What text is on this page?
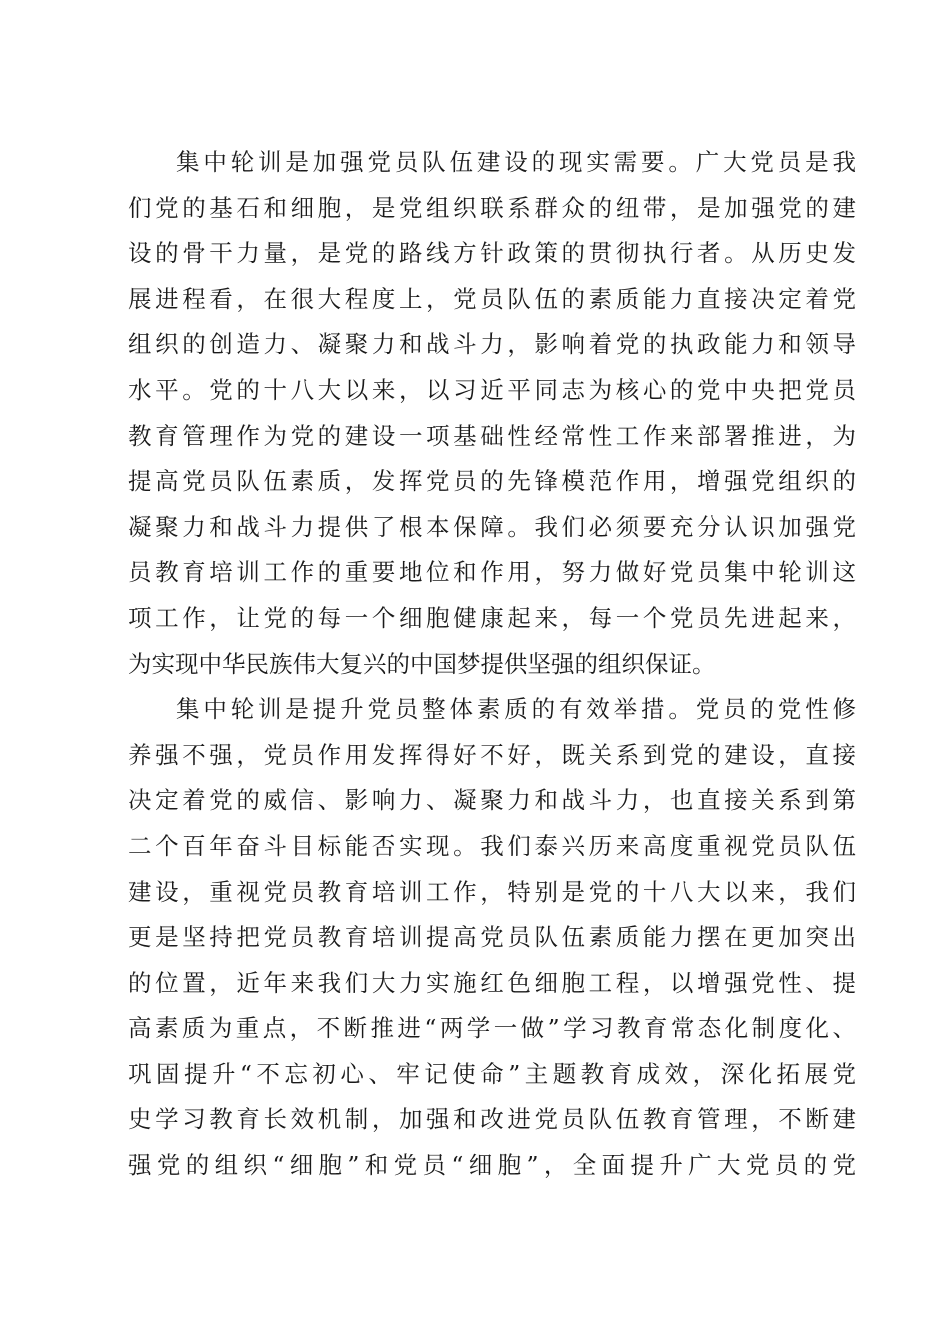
集中轮训是加强党员队伍建设的现实需要。广大党员是我
们党的基石和细胞，是党组织联系群众的纽带，是加强党的建
设的骨干力量，是党的路线方针政策的贯彻执行者。从历史发
展进程看，在很大程度上，党员队伍的素质能力直接决定着党
组织的创造力、凝聚力和战斗力，影响着党的执政能力和领导
水平。党的十八大以来，以习近平同志为核心的党中央把党员
教育管理作为党的建设一项基础性经常性工作来部署推进，为
提高党员队伍素质，发挥党员的先锋模范作用，增强党组织的
凝聚力和战斗力提供了根本保障。我们必须要充分认识加强党
员教育培训工作的重要地位和作用，努力做好党员集中轮训这
项工作，让党的每一个细胞健康起来，每一个党员先进起来，
为实现中华民族伟大复兴的中国梦提供坚强的组织保证。
集中轮训是提升党员整体素质的有效举措。党员的党性修
养强不强，党员作用发挥得好不好，既关系到党的建设，直接
决定着党的威信、影响力、凝聚力和战斗力，也直接关系到第
二个百年奋斗目标能否实现。我们泰兴历来高度重视党员队伍
建设，重视党员教育培训工作，特别是党的十八大以来，我们
更是坚持把党员教育培训提高党员队伍素质能力摆在更加突出
的位置，近年来我们大力实施红色细胞工程，以增强党性、提
高素质为重点，不断推进“两学一做”学习教育常态化制度化、
巩固提升“不忘初心、牢记使命”主题教育成效，深化拓展党
史学习教育长效机制，加强和改进党员队伍教育管理，不断建
强党的组织“细胞”和党员“细胞”，全面提升广大党员的党
